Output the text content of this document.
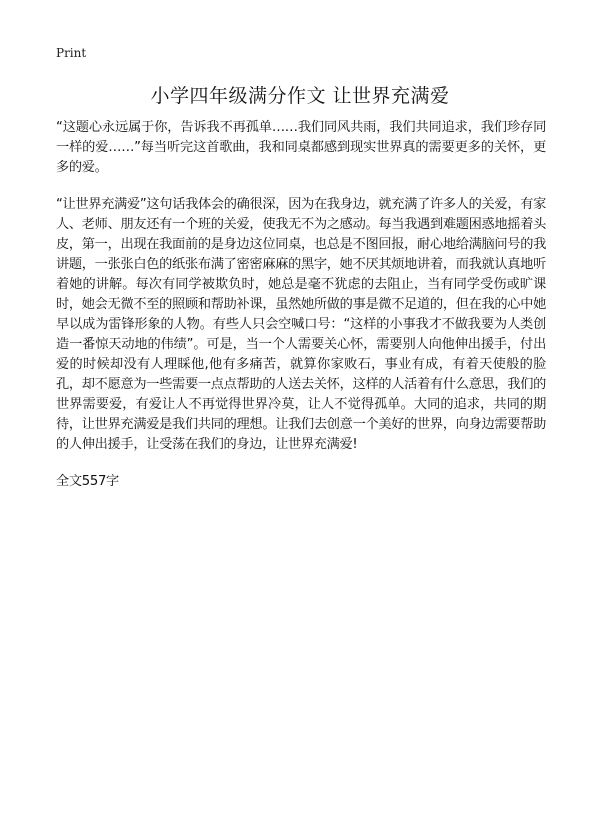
Print
小学四年级满分作文 让世界充满爱

“这题心永远属于你，告诉我不再孤单……我们同风共雨，我们共同追求，我们珍存同一样的爱……”每当听完这首歌曲，我和同桌都感到现实世界真的需要更多的关怀，更多的爱。

“让世界充满爱”这句话我体会的确很深，因为在我身边，就充满了许多人的关爱，有家人、老师、朋友还有一个班的关爱，使我无不为之感动。每当我遇到难题困惑地摇着头皮，第一，出现在我面前的是身边这位同桌，也总是不图回报，耐心地给满脑问号的我讲题，一张张白色的纸张布满了密密麻麻的黑字，她不厌其烦地讲着，而我就认真地听着她的讲解。每次有同学被欺负时，她总是毫不犹虑的去阻止，当有同学受伤或旷课时，她会无微不至的照顾和帮助补课，虽然她所做的事是微不足道的，但在我的心中她早以成为雷锋形象的人物。有些人只会空喊口号：“这样的小事我才不做我要为人类创造一番惊天动地的伟绩”。可是，当一个人需要关心怀，需要别人向他伸出援手，付出爱的时候却没有人理睬他,他有多痛苦，就算你家败石，事业有成，有着天使般的脸孔，却不愿意为一些需要一点点帮助的人送去关怀，这样的人活着有什么意思，我们的世界需要爱，有爱让人不再觉得世界冷莫，让人不觉得孤单。大同的追求，共同的期待，让世界充满爱是我们共同的理想。让我们去创意一个美好的世界，向身边需要帮助的人伸出援手，让受荡在我们的身边，让世界充满爱!

全文557字
